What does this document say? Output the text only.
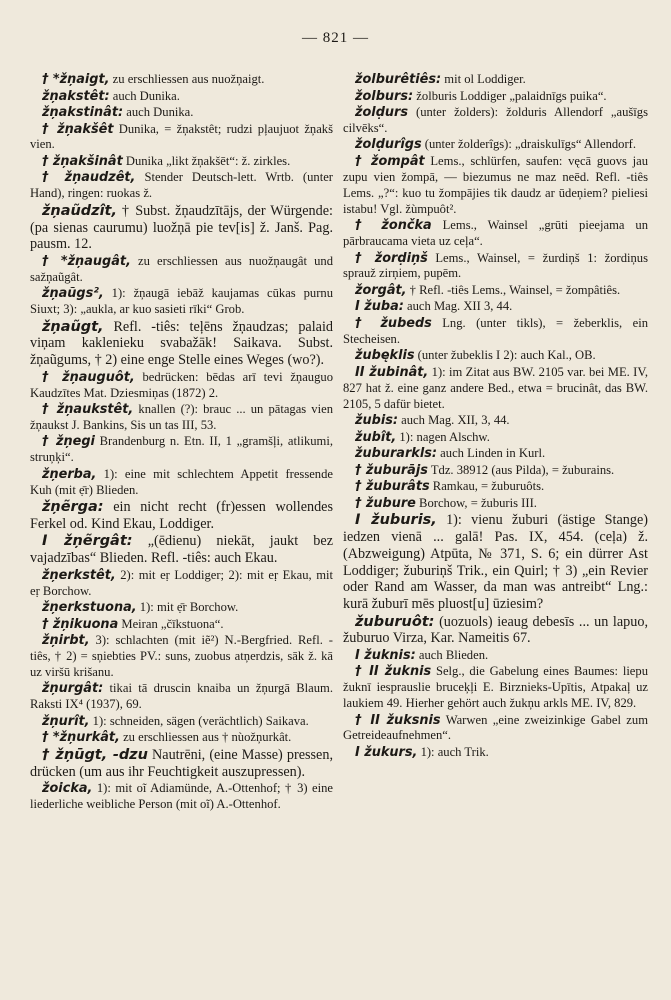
— 821 —

† *žņaigt, zu erschliessen aus nuožņaigt.

žņakstêt: auch Dunika.

žņakstinât: auch Dunika.

† žņakšêt Dunika, = žņakstêt; rudzi pļaujuot žņakš vien.

† žņakšinât Dunika „likt žņakšēt“: ž. zirkles.

† žņaudzêt, Stender Deutsch-lett. Wrtb. (unter Hand), ringen: ruokas ž.

žņaũdzît, † Subst. žņaudzītājs, der Würgende: (pa sienas caurumu) luožņā pie tev[is] ž. Janš. Pag. pausm. 12.

† *žņaugât, zu erschliessen aus nuožņaugât und sažņaũgât.

žņaũgs², 1): žņaugā iebāž kaujamas cūkas purnu Siuxt; 3): „aukla, ar kuo sasieti rīki“ Grob.

žņaũgt, Refl. -tiês: teļēns žņaudzas; palaid viņam kaklenieku svabažāk! Saikava. Subst. žņaũgums, † 2) eine enge Stelle eines Weges (wo?).

† žņauguôt, bedrücken: bēdas arī tevi žņauguo Kaudzītes Mat. Dziesmiņas (1872) 2.

† žņaukstêt, knallen (?): brauc ... un pātagas vien žņaukst J. Bankins, Sis un tas III, 53.

† žņegi Brandenburg n. Etn. II, 1 „gramšļi, atlikumi, struņķi“.

žņerba, 1): eine mit schlechtem Appetit fressende Kuh (mit ẹ̄r) Blieden.

žņẽrga: ein nicht recht (fr)essen wollendes Ferkel od. Kind Ekau, Loddiger.

I žņẽrgât: „(ēdienu) niekāt, jaukt bez vajadzības“ Blieden. Refl. -tiês: auch Ekau.

žņerkstêt, 2): mit eṛ Loddiger; 2): mit eṛ Ekau, mit eṛ Borchow.

žņerkstuona, 1): mit ẹ̄r Borchow.

† žņikuona Meiran „čīkstuona“.

žņirbt, 3): schlachten (mit iẽ²) N.-Bergfried. Refl. -tiês, † 2) = sņiebties PV.: suns, zuobus atņerdzis, sāk ž. kā uz viršū krišanu.

žņurgât: tikai tā druscin knaiba un žņurgā Blaum. Raksti IX⁴ (1937), 69.

žņurît, 1): schneiden, sägen (verächtlich) Saikava.

† *žņurkât, zu erschliessen aus † nùožņurkât.

† žņūgt, -dzu Nautrēni, (eine Masse) pressen, drücken (um aus ihr Feuchtigkeit auszupressen).

žoicka, 1): mit oĩ Adiamünde, A.-Ottenhof; † 3) eine liederliche weibliche Person (mit oĩ) A.-Ottenhof.

žolburêtiês: mit ol Loddiger.

žolburs: žolburis Loddiger „palaidnīgs puika“.

žolḍurs (unter žolders): žolduris Allendorf „aušīgs cilvēks“.

žolḍurîgs (unter žolderîgs): „draiskulīgs“ Allendorf.

† žompât Lems., schlürfen, saufen: vęcā guovs jau zupu vien žompā, — biezumus ne maz neēd. Refl. -tiês Lems. „?“: kuo tu žompājies tik daudz ar ūdeņiem? pieliesi istabu! Vgl. žùmpuôt².

† žončka Lems., Wainsel „grūti pieejama un pārbraucama vieta uz ceļa“.

† žorḍiņš Lems., Wainsel, = žurdiņš 1: žordiņus sprauž zirņiem, pupēm.

žorgât, † Refl. -tiês Lems., Wainsel, = žompâtiês.

I žuba: auch Mag. XII 3, 44.

† žubeds Lng. (unter tikls), = žeberklis, ein Stecheisen.

žubęklis (unter žubeklis I 2): auch Kal., OB.

II žubinât, 1): im Zitat aus BW. 2105 var. bei ME. IV, 827 hat ž. eine ganz andere Bed., etwa = brucinât, das BW. 2105, 5 dafür bietet.

žubis: auch Mag. XII, 3, 44.

žubît, 1): nagen Alschw.

žuburarkls: auch Linden in Kurl.

† žuburājs Tdz. 38912 (aus Pilda), = žuburains.

† žuburâts Ramkau, = žuburuôts.

† žubure Borchow, = žuburis III.

I žuburis, 1): vienu žuburi (ästige Stange) iedzen vienā ... galā! Pas. IX, 454. (ceļa) ž. (Abzweigung) Atpūta, № 371, S. 6; ein dürrer Ast Loddiger; žuburiņš Trik., ein Quirl; † 3) „ein Revier oder Rand am Wasser, da man was antreibt“ Lng.: kurā žuburī mēs pluost[u] ūziesim?

žuburuôt: (uozuols) ieaug debesīs ... un lapuo, žuburuo Virza, Kar. Nameitis 67.

I žuknis: auch Blieden.

† II žuknis Selg., die Gabelung eines Baumes: liepu žuknī iesprauslie bruceķļi E. Birznieks-Upītis, Atpakaļ uz laukiem 49. Hierher gehört auch žukņu arkls ME. IV, 829.

† II žuksnis Warwen „eine zweizinkige Gabel zum Getreideaufnehmen“.

I žukurs, 1): auch Trik.
